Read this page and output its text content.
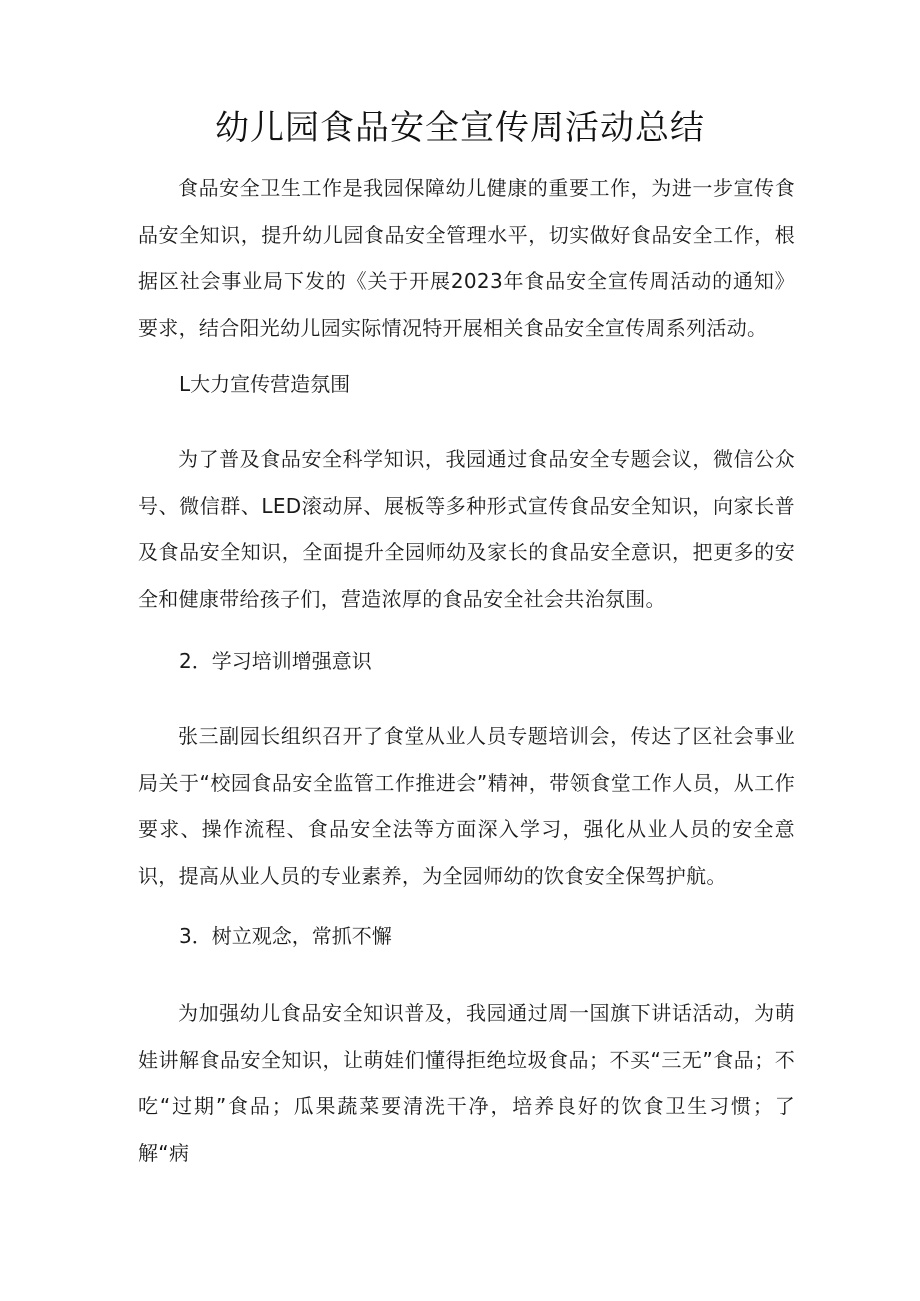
幼儿园食品安全宣传周活动总结
食品安全卫生工作是我园保障幼儿健康的重要工作，为进一步宣传食品安全知识，提升幼儿园食品安全管理水平，切实做好食品安全工作，根据区社会事业局下发的《关于开展2023年食品安全宣传周活动的通知》要求，结合阳光幼儿园实际情况特开展相关食品安全宣传周系列活动。
L大力宣传营造氛围
为了普及食品安全科学知识，我园通过食品安全专题会议，微信公众号、微信群、LED滚动屏、展板等多种形式宣传食品安全知识，向家长普及食品安全知识，全面提升全园师幼及家长的食品安全意识，把更多的安全和健康带给孩子们，营造浓厚的食品安全社会共治氛围。
2．学习培训增强意识
张三副园长组织召开了食堂从业人员专题培训会，传达了区社会事业局关于“校园食品安全监管工作推进会”精神，带领食堂工作人员，从工作要求、操作流程、食品安全法等方面深入学习，强化从业人员的安全意识，提高从业人员的专业素养，为全园师幼的饮食安全保驾护航。
3．树立观念，常抓不懈
为加强幼儿食品安全知识普及，我园通过周一国旗下讲话活动，为萌娃讲解食品安全知识，让萌娃们懂得拒绝垃圾食品；不买“三无”食品；不吃“过期”食品；瓜果蔬菜要清洗干净，培养良好的饮食卫生习惯；了解“病
